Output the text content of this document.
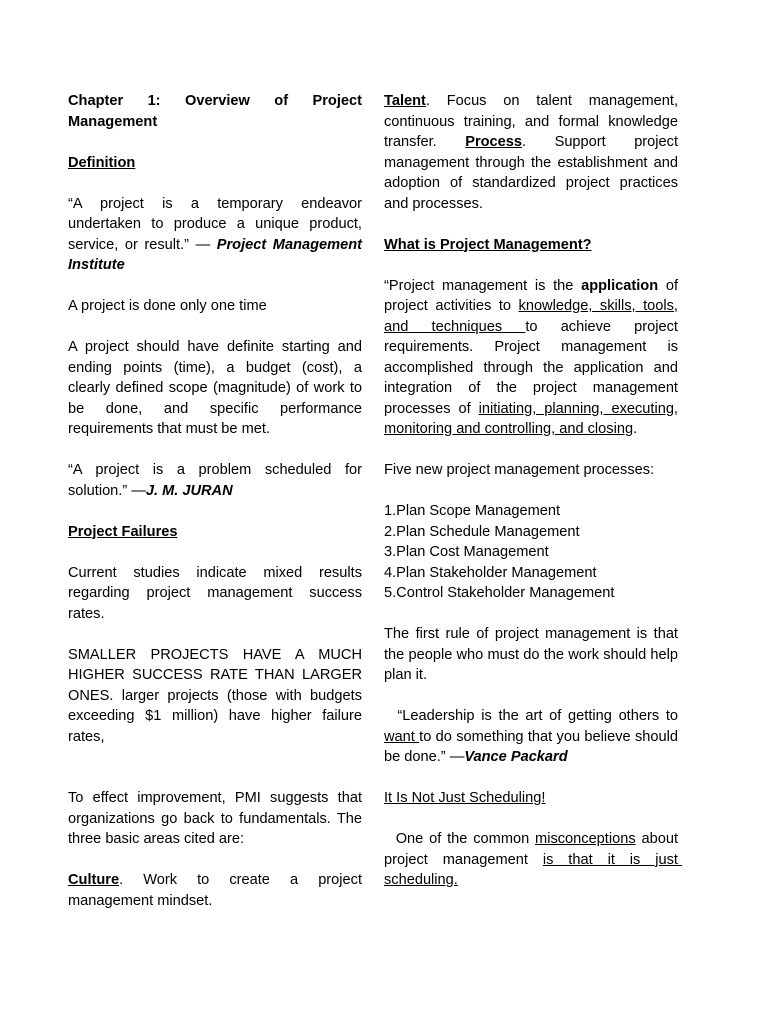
Chapter 1: Overview of Project Management

Definition

“A project is a temporary endeavor undertaken to produce a unique product, service, or result.” — Project Management Institute

A project is done only one time

A project should have definite starting and ending points (time), a budget (cost), a clearly defined scope (magnitude) of work to be done, and specific performance requirements that must be met.

“A project is a problem scheduled for solution.” —J. M. JURAN

Project Failures

Current studies indicate mixed results regarding project management success rates.

SMALLER PROJECTS HAVE A MUCH HIGHER SUCCESS RATE THAN LARGER ONES. larger projects (those with budgets exceeding $1 million) have higher failure rates,

To effect improvement, PMI suggests that organizations go back to fundamentals. The three basic areas cited are:

Culture. Work to create a project management mindset.

Talent. Focus on talent management, continuous training, and formal knowledge transfer. Process. Support project management through the establishment and adoption of standardized project practices and processes.

What is Project Management?

“Project management is the application of project activities to knowledge, skills, tools, and techniques to achieve project requirements. Project management is accomplished through the application and integration of the project management processes of initiating, planning, executing, monitoring and controlling, and closing.

Five new project management processes:

1.Plan Scope Management
2.Plan Schedule Management
3.Plan Cost Management
4.Plan Stakeholder Management
5.Control Stakeholder Management

The first rule of project management is that the people who must do the work should help plan it.

“Leadership is the art of getting others to want to do something that you believe should be done.” —Vance Packard

It Is Not Just Scheduling!

One of the common misconceptions about project management is that it is just scheduling.
